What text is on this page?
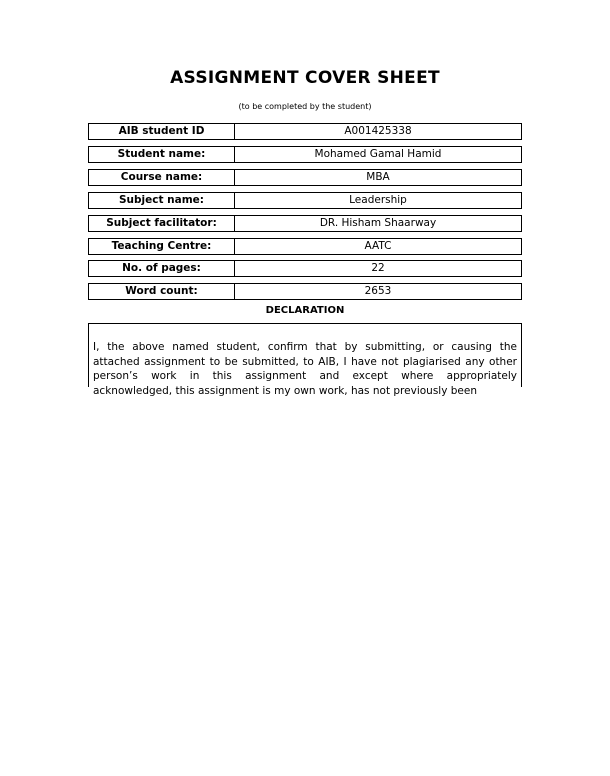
ASSIGNMENT COVER SHEET
(to be completed by the student)
AIB student ID	A001425338
Student name:	Mohamed Gamal Hamid
Course name:	MBA
Subject name:	Leadership
Subject facilitator:	DR. Hisham Shaarway
Teaching Centre:	AATC
No. of pages:	22
Word count:	2653
DECLARATION
I, the above named student, confirm that by submitting, or causing the attached assignment to be submitted, to AIB, I have not plagiarised any other person’s work in this assignment and except where appropriately acknowledged, this assignment is my own work, has not previously been
